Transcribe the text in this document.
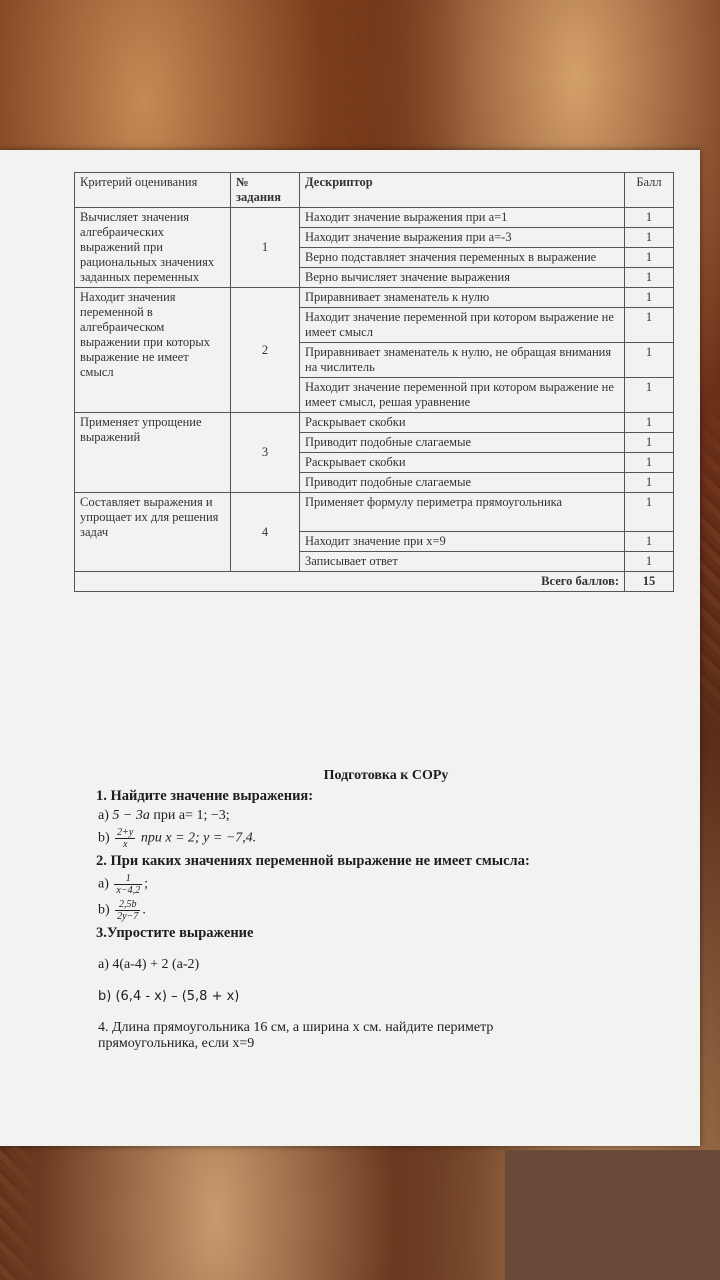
Критерий оценивания	№ задания	Дескриптор	Балл
Вычисляет значения алгебраических выражений при рациональных значениях заданных переменных	1	Находит значение выражения при а=1	1
		Находит значение выражения при а=-3	1
		Верно подставляет значения переменных в выражение	1
		Верно вычисляет значение выражения	1
Находит значения переменной в алгебраическом выражении при которых выражение не имеет смысл	2	Приравнивает знаменатель к нулю	1
		Находит значение переменной при котором выражение не имеет смысл	1
		Приравнивает знаменатель к нулю, не обращая внимания на числитель	1
		Находит значение переменной при котором выражение не имеет смысл, решая уравнение	1
Применяет упрощение выражений	3	Раскрывает скобки	1
		Приводит подобные слагаемые	1
		Раскрывает скобки	1
		Приводит подобные слагаемые	1
Составляет выражения и упрощает их для решения задач	4	Применяет формулу периметра прямоугольника	1
		Находит значение при x=9	1
		Записывает ответ	1
Всего баллов:			15
Подготовка к СОРу
1. Найдите значение выражения:
a) 5 − 3a при а= 1; −3;
$b) \frac{2+y}{x}$ при x = 2; y = −7,4.
2. При каких значениях переменной выражение не имеет смысла:
$a) \frac{1}{x-4,2}$ ;
$b) \frac{2,5b}{2y-7}$ .
3.Упростите выражение
a) 4(a-4) + 2 (a-2)
b) (6,4 - x) – (5,8 + x)
4. Длина прямоугольника 16 см, а ширина x см. найдите периметр прямоугольника, если x=9
